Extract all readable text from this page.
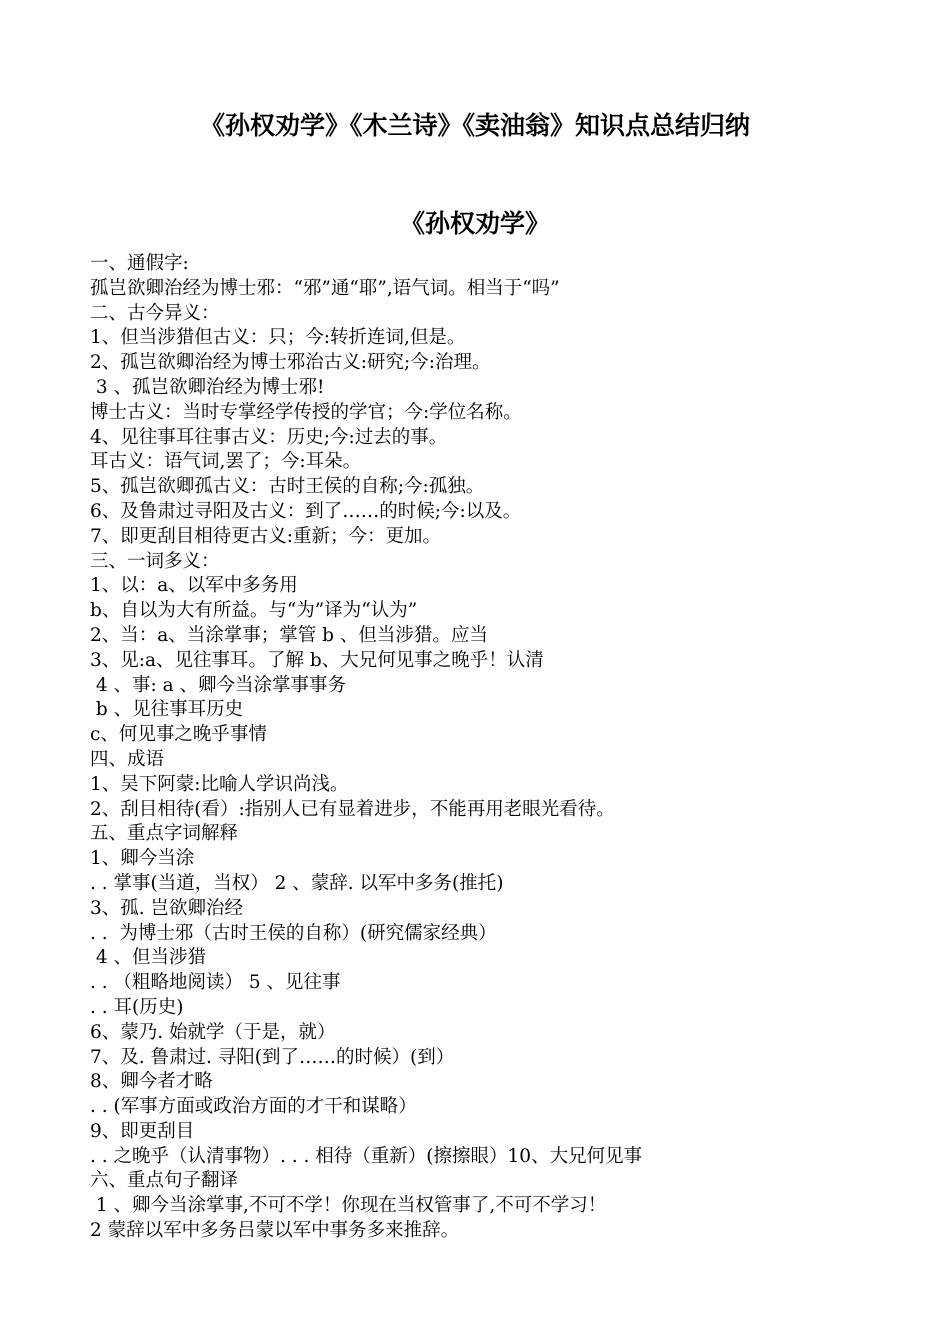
《孙权劝学》《木兰诗》《卖油翁》知识点总结归纳
《孙权劝学》
一、通假字:
孤岂欲卿治经为博士邪：“邪”通“耶”,语气词。相当于“吗”
二、古今异义：
1、但当涉猎但古义：只；今:转折连词,但是。
2、孤岂欲卿治经为博士邪治古义:研究;今:治理。
3 、孤岂欲卿治经为博士邪!
博士古义：当时专掌经学传授的学官；今:学位名称。
4、见往事耳往事古义：历史;今:过去的事。
耳古义：语气词,罢了；今:耳朵。
5、孤岂欲卿孤古义：古时王侯的自称;今:孤独。
6、及鲁肃过寻阳及古义：到了……的时候;今:以及。
7、即更刮目相待更古义:重新；今：更加。
三、一词多义：
1、以：a、以军中多务用
b、自以为大有所益。与“为”译为“认为”
2、当：a、当涂掌事；掌管 b 、但当涉猎。应当
3、见:a、见往事耳。了解 b、大兄何见事之晚乎！认清
4 、事: a 、卿今当涂掌事事务
b 、见往事耳历史
c、何见事之晚乎事情
四、成语
1、吴下阿蒙:比喻人学识尚浅。
2、刮目相待(看）:指别人已有显着进步，不能再用老眼光看待。
五、重点字词解释
1、卿今当涂
. . 掌事(当道，当权） 2 、蒙辞. 以军中多务(推托)
3、孤. 岂欲卿治经
. .  为博士邪（古时王侯的自称）(研究儒家经典）
4 、但当涉猎
. . （粗略地阅读） 5 、见往事
. . 耳(历史)
6、蒙乃. 始就学（于是，就）
7、及. 鲁肃过. 寻阳(到了……的时候）(到）
8、卿今者才略
. . (军事方面或政治方面的才干和谋略）
9、即更刮目
. . 之晚乎（认清事物）. . . 相待（重新）(擦擦眼）10、大兄何见事
六、重点句子翻译
1 、卿今当涂掌事,不可不学！你现在当权管事了,不可不学习！
2 蒙辞以军中多务吕蒙以军中事务多来推辞。
